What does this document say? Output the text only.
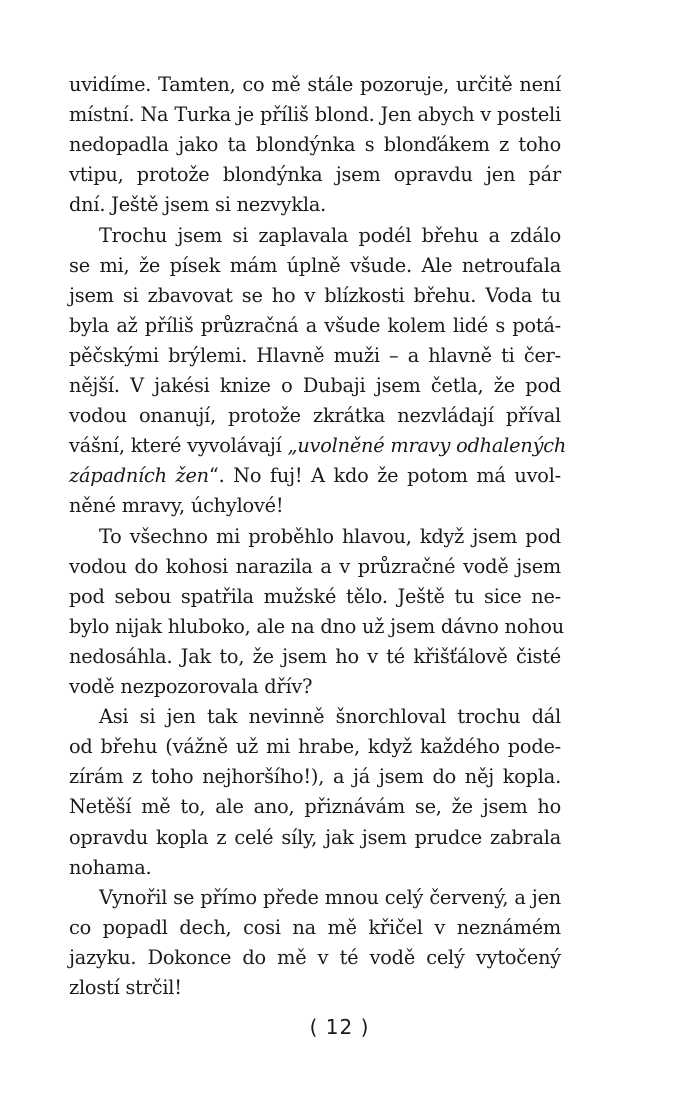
uvidíme. Tamten, co mě stále pozoruje, určitě není
místní. Na Turka je příliš blond. Jen abych v posteli
nedopadla jako ta blondýnka s blonďákem z toho
vtipu, protože blondýnka jsem opravdu jen pár
dní. Ještě jsem si nezvykla.
Trochu jsem si zaplavala podél břehu a zdálo
se mi, že písek mám úplně všude. Ale netroufala
jsem si zbavovat se ho v blízkosti břehu. Voda tu
byla až příliš průzračná a všude kolem lidé s potá-
pěčskými brýlemi. Hlavně muži – a hlavně ti čer-
nější. V jakési knize o Dubaji jsem četla, že pod
vodou onanují, protože zkrátka nezvládají příval
vášní, které vyvolávají „uvolněné mravy odhalených
západních žen“. No fuj! A kdo že potom má uvol-
něné mravy, úchylové!
To všechno mi proběhlo hlavou, když jsem pod
vodou do kohosi narazila a v průzračné vodě jsem
pod sebou spatřila mužské tělo. Ještě tu sice ne-
bylo nijak hluboko, ale na dno už jsem dávno nohou
nedosáhla. Jak to, že jsem ho v té křišťálově čisté
vodě nezpozorovala dřív?
Asi si jen tak nevinně šnorchloval trochu dál
od břehu (vážně už mi hrabe, když každého pode-
zírám z toho nejhoršího!), a já jsem do něj kopla.
Netěší mě to, ale ano, přiznávám se, že jsem ho
opravdu kopla z celé síly, jak jsem prudce zabrala
nohama.
Vynořil se přímo přede mnou celý červený, a jen
co popadl dech, cosi na mě křičel v neznámém
jazyku. Dokonce do mě v té vodě celý vytočený
zlostí strčil!
( 12 )
